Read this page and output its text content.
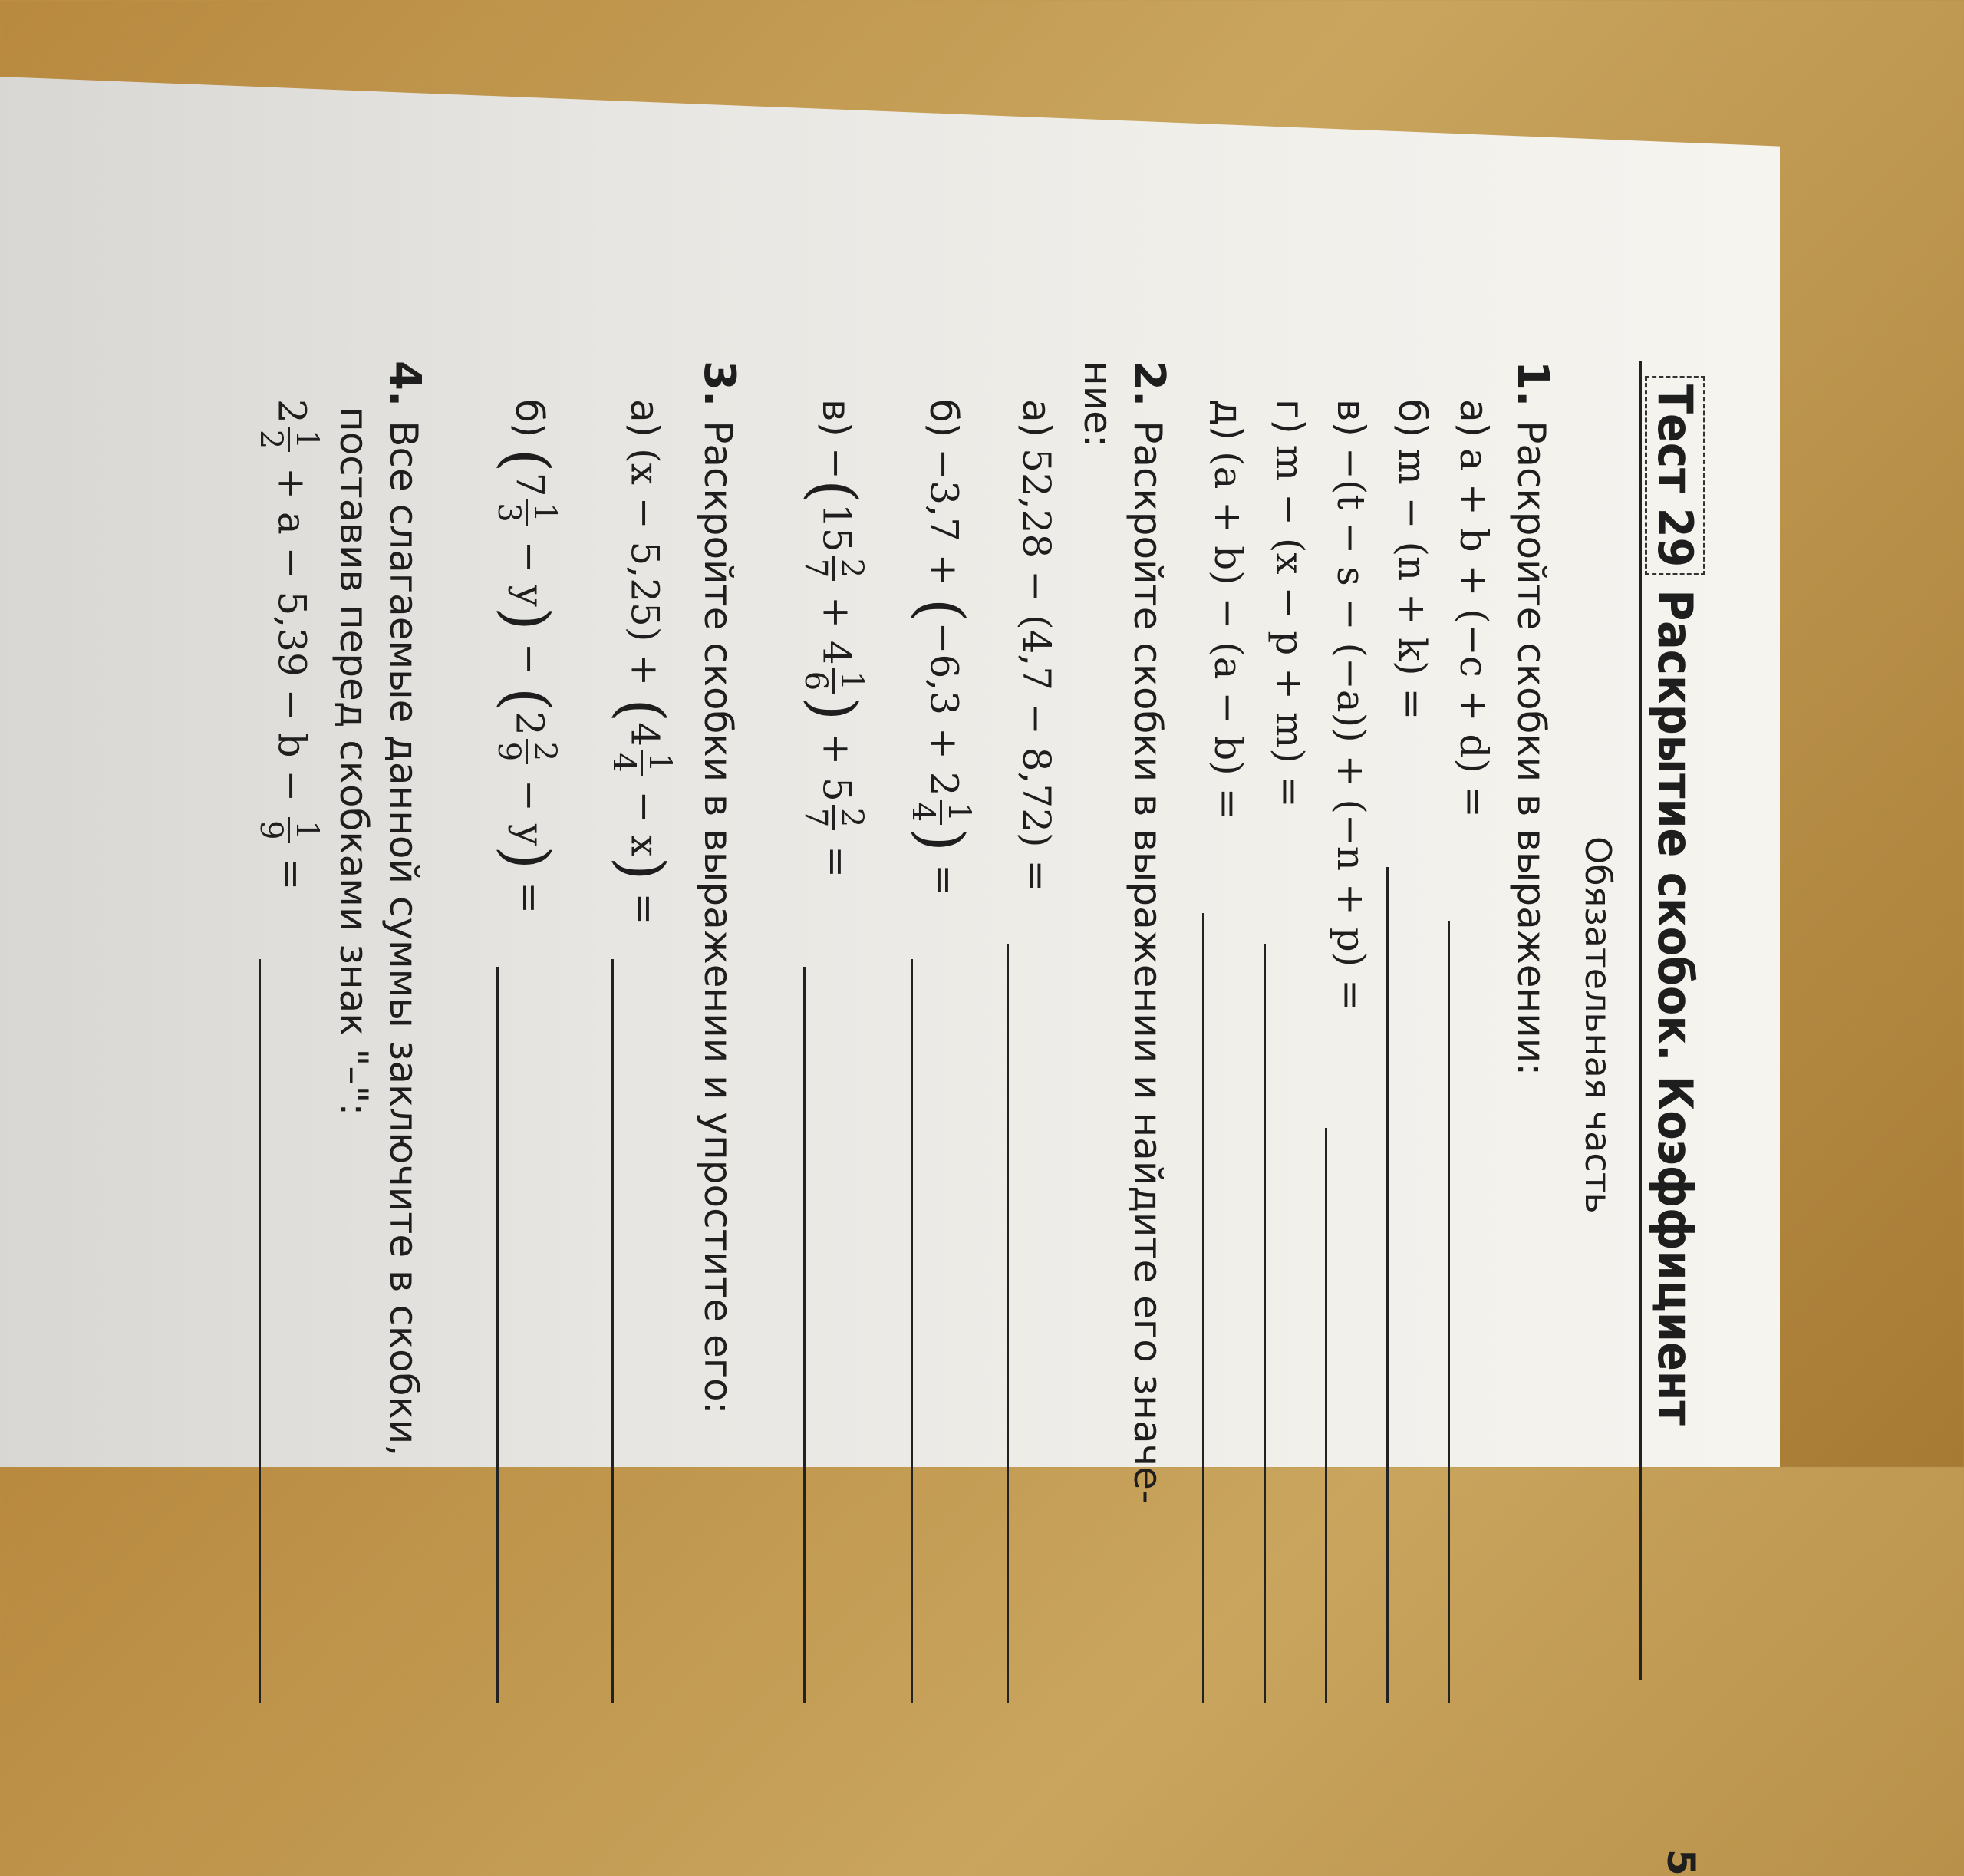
Тест 29Раскрытие скобок. Коэффициент
5
Обязательная часть
1.Раскройте скобки в выражении:
а)a + b + (−c + d) =
б)m − (n + k) =
в)−(t − s − (−a)) + (−n + p) =
г)m − (x − p + m) =
д)(a + b) − (a − b) =
2.Раскройте скобки в выражении и найдите его значе-
ние:
а)52,28 − (4,7 − 8,72) =
б)−3,7 + (−6,3 + 2
1
4
) =
в)−(15
2
7
+ 4
1
6
) + 5
2
7
=
3.Раскройте скобки в выражении и упростите его:
а)(x − 5,25) + (4
1
4
− x) =
б)(7
1
3
− y) − (2
2
9
− y) =
4.Все слагаемые данной суммы заключите в скобки,
поставив перед скобками знак "–":
2
1
2
+ a − 5,39 − b −
1
9
=
